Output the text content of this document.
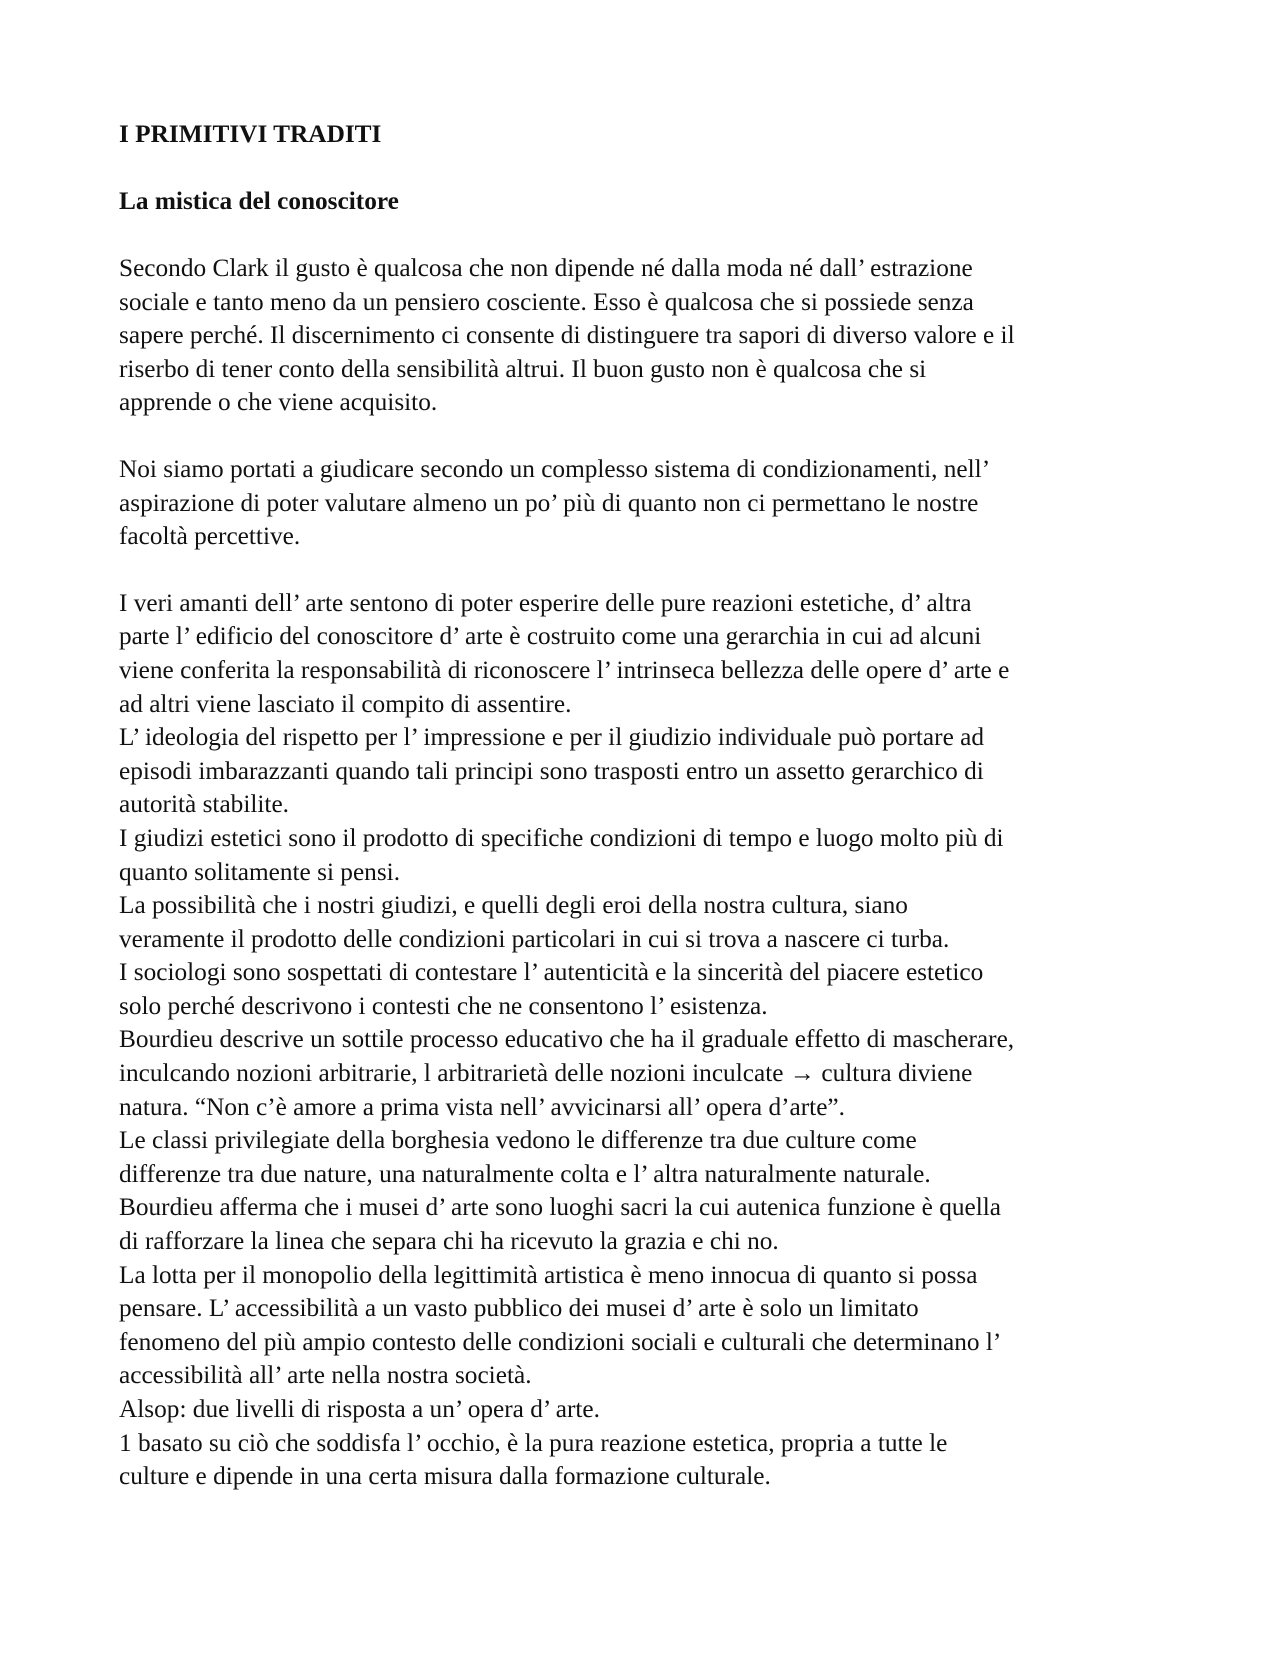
I PRIMITIVI TRADITI
La mistica del conoscitore
Secondo Clark il gusto è qualcosa che non dipende né dalla moda né dall’ estrazione
sociale e tanto meno da un pensiero cosciente. Esso è qualcosa che si possiede senza
sapere perché. Il discernimento ci consente di distinguere tra sapori di diverso valore e il
riserbo di tener conto della sensibilità altrui. Il buon gusto non è qualcosa che si
apprende o che viene acquisito.
Noi siamo portati a giudicare secondo un complesso sistema di condizionamenti, nell’
aspirazione di poter valutare almeno un po’ più di quanto non ci permettano le nostre
facoltà percettive.
I veri amanti dell’ arte sentono di poter esperire delle pure reazioni estetiche, d’ altra
parte l’ edificio del conoscitore d’ arte è costruito come una gerarchia in cui ad alcuni
viene conferita la responsabilità di riconoscere l’ intrinseca bellezza delle opere d’ arte e
ad altri viene lasciato il compito di assentire.
L’ ideologia del rispetto per l’ impressione e per il giudizio individuale può portare ad
episodi imbarazzanti quando tali principi sono trasposti entro un assetto gerarchico di
autorità stabilite.
I giudizi estetici sono il prodotto di specifiche condizioni di tempo e luogo molto più di
quanto solitamente si pensi.
La possibilità che i nostri giudizi, e quelli degli eroi della nostra cultura, siano
veramente il prodotto delle condizioni particolari in cui si trova a nascere ci turba.
I sociologi sono sospettati di contestare l’ autenticità e la sincerità del piacere estetico
solo perché descrivono i contesti che ne consentono l’ esistenza.
Bourdieu descrive un sottile processo educativo che ha il graduale effetto di mascherare,
inculcando nozioni arbitrarie, l arbitrarietà delle nozioni inculcate → cultura diviene
natura. “Non c’è amore a prima vista nell’ avvicinarsi all’ opera d’arte”.
Le classi privilegiate della borghesia vedono le differenze tra due culture come
differenze tra due nature, una naturalmente colta e l’ altra naturalmente naturale.
Bourdieu afferma che i musei d’ arte sono luoghi sacri la cui autenica funzione è quella
di rafforzare la linea che separa chi ha ricevuto la grazia e chi no.
La lotta per il monopolio della legittimità artistica è meno innocua di quanto si possa
pensare. L’ accessibilità a un vasto pubblico dei musei d’ arte è solo un limitato
fenomeno del più ampio contesto delle condizioni sociali e culturali che determinano l’
accessibilità all’ arte nella nostra società.
Alsop: due livelli di risposta a un’ opera d’ arte.
1 basato su ciò che soddisfa l’ occhio, è la pura reazione estetica, propria a tutte le
culture e dipende in una certa misura dalla formazione culturale.
